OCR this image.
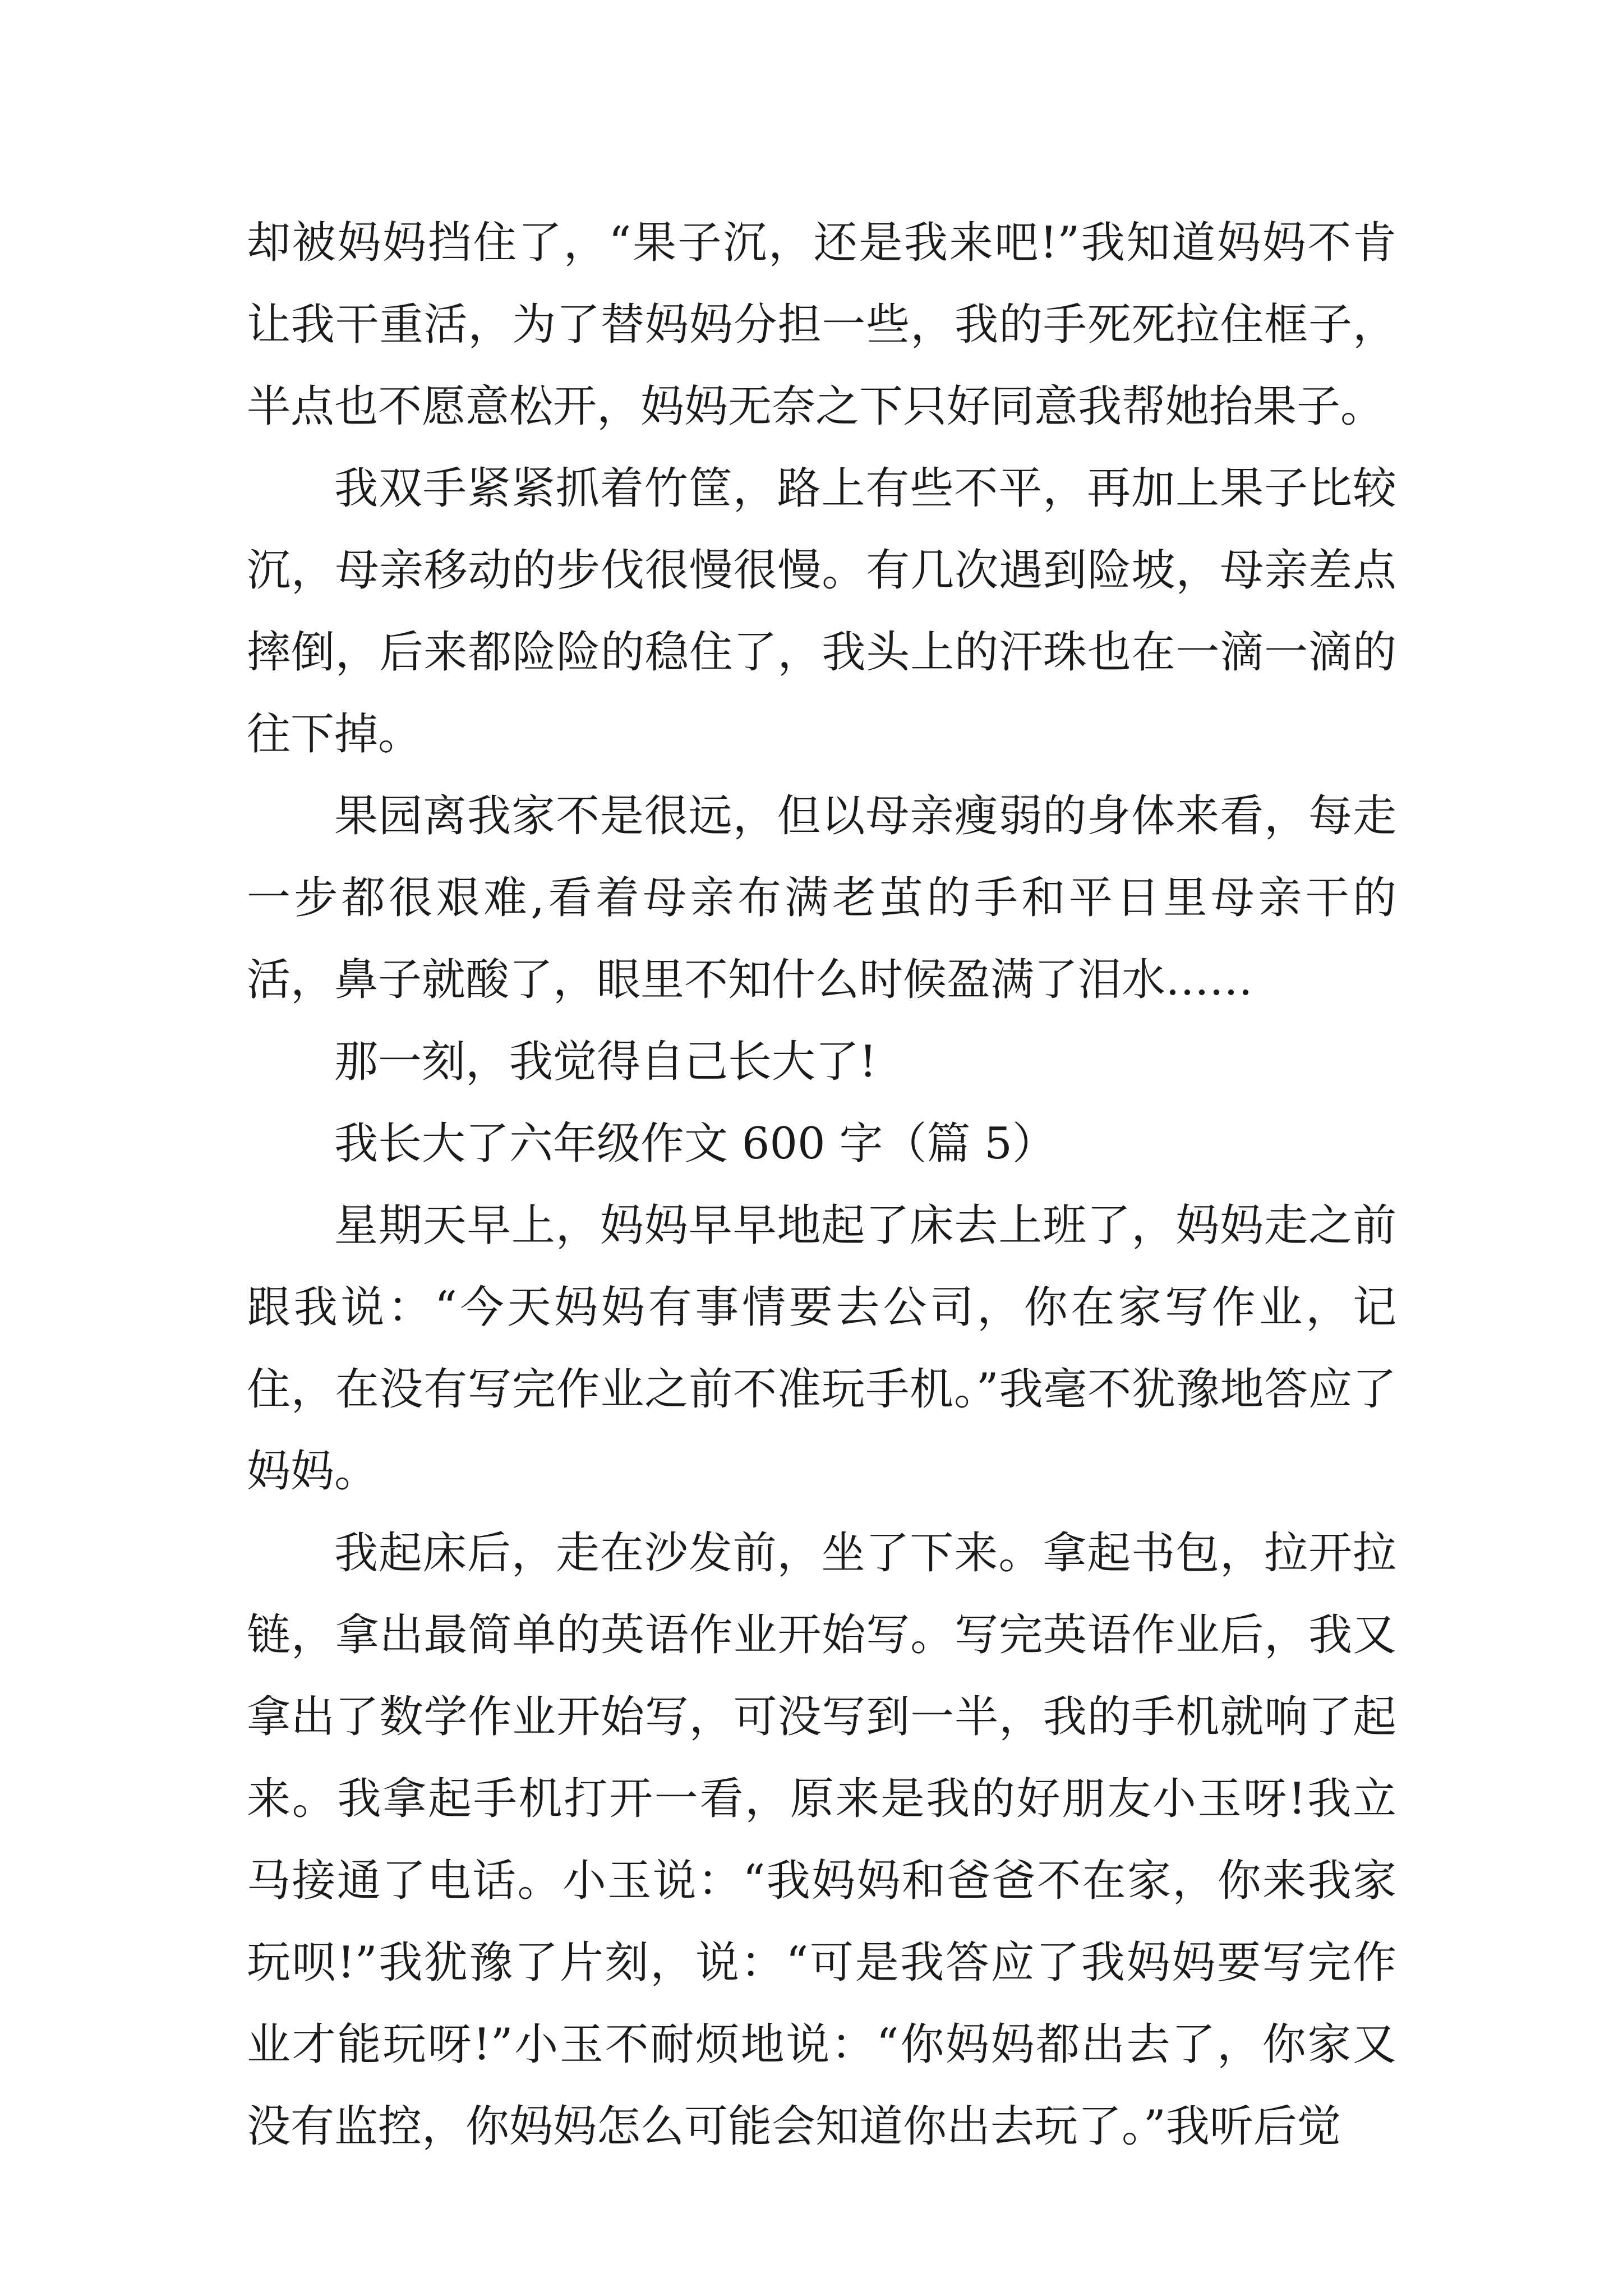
却被妈妈挡住了，“果子沉，还是我来吧!”我知道妈妈不肯让我干重活，为了替妈妈分担一些，我的手死死拉住框子，半点也不愿意松开，妈妈无奈之下只好同意我帮她抬果子。

我双手紧紧抓着竹筐，路上有些不平，再加上果子比较沉，母亲移动的步伐很慢很慢。有几次遇到险坡，母亲差点摔倒，后来都险险的稳住了，我头上的汗珠也在一滴一滴的往下掉。

果园离我家不是很远，但以母亲瘦弱的身体来看，每走一步都很艰难,看着母亲布满老茧的手和平日里母亲干的活，鼻子就酸了，眼里不知什么时候盈满了泪水……

那一刻，我觉得自己长大了!

我长大了六年级作文 600 字（篇 5）

星期天早上，妈妈早早地起了床去上班了，妈妈走之前跟我说：“今天妈妈有事情要去公司，你在家写作业，记住，在没有写完作业之前不准玩手机。”我毫不犹豫地答应了妈妈。

我起床后，走在沙发前，坐了下来。拿起书包，拉开拉链，拿出最简单的英语作业开始写。写完英语作业后，我又拿出了数学作业开始写，可没写到一半，我的手机就响了起来。我拿起手机打开一看，原来是我的好朋友小玉呀!我立马接通了电话。小玉说：“我妈妈和爸爸不在家，你来我家玩呗!”我犹豫了片刻，说：“可是我答应了我妈妈要写完作业才能玩呀!”小玉不耐烦地说：“你妈妈都出去了，你家又没有监控，你妈妈怎么可能会知道你出去玩了。”我听后觉
